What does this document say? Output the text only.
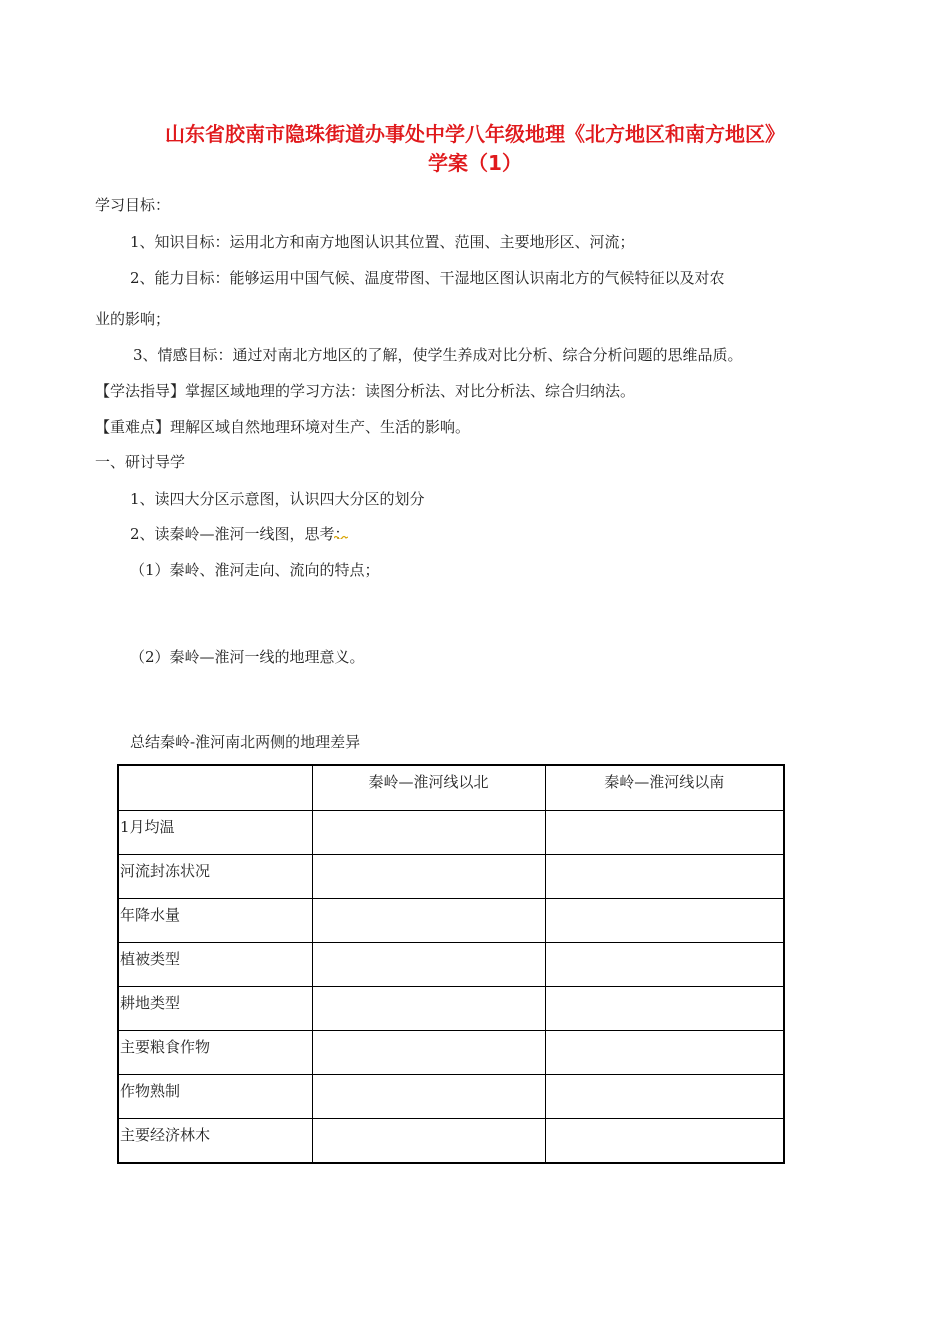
山东省胶南市隐珠街道办事处中学八年级地理《北方地区和南方地区》
学案（1）
学习目标：
1、知识目标：运用北方和南方地图认识其位置、范围、主要地形区、河流；
2、能力目标：能够运用中国气候、温度带图、干湿地区图认识南北方的气候特征以及对农
业的影响；
3、情感目标：通过对南北方地区的了解，使学生养成对比分析、综合分析问题的思维品质。
【学法指导】掌握区域地理的学习方法：读图分析法、对比分析法、综合归纳法。
【重难点】理解区域自然地理环境对生产、生活的影响。
一、研讨导学
1、读四大分区示意图，认识四大分区的划分
2、读秦岭—淮河一线图，思考：
（1）秦岭、淮河走向、流向的特点；
（2）秦岭—淮河一线的地理意义。
总结秦岭-淮河南北两侧的地理差异
	秦岭—淮河线以北	秦岭—淮河线以南
1月均温		
河流封冻状况		
年降水量		
植被类型		
耕地类型		
主要粮食作物		
作物熟制		
主要经济林木		
